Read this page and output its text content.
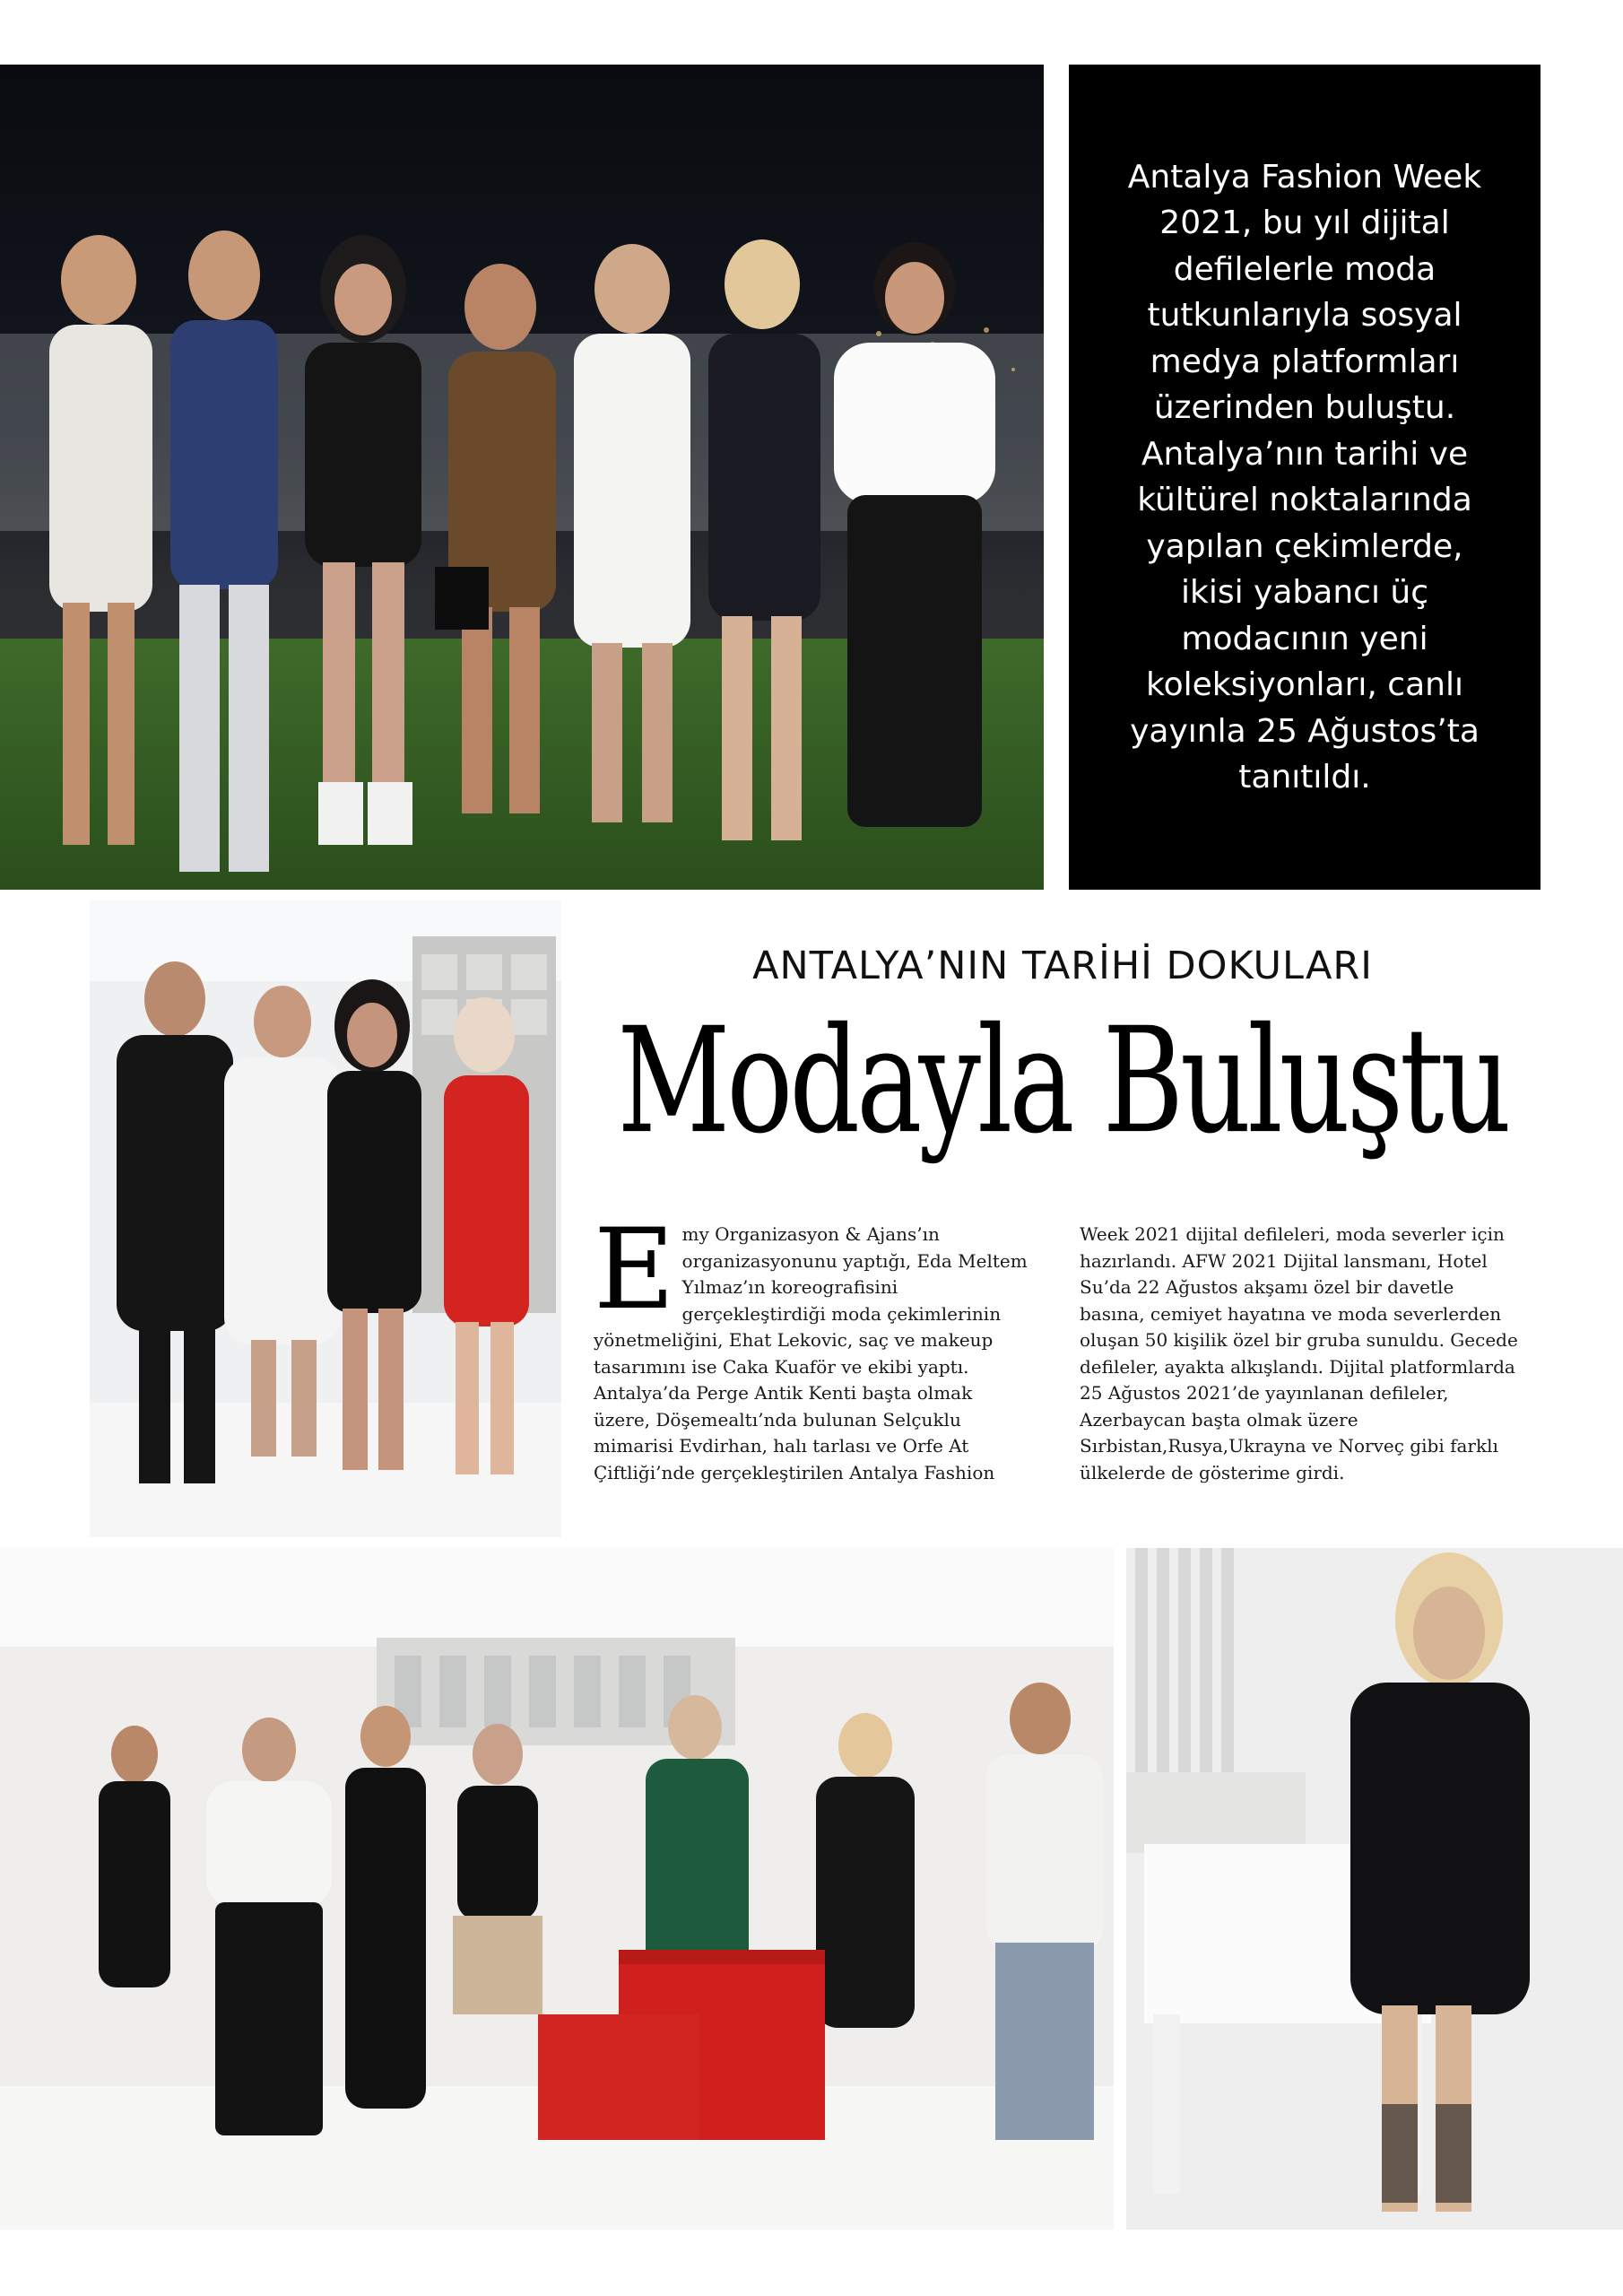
Antalya Fashion Week 2021, bu yıl dijital defilelerle moda tutkunlarıyla sosyal medya platformları üzerinden buluştu. Antalya’nın tarihi ve kültürel noktalarında yapılan çekimlerde, ikisi yabancı üç modacının yeni koleksiyonları, canlı yayınla 25 Ağustos’ta tanıtıldı.

ANTALYA’NIN TARİHİ DOKULARI
Modayla Buluştu
E my Organizasyon & Ajans’ın organizasyonunu yaptığı, Eda Meltem Yılmaz’ın koreografisini gerçekleştirdiği moda çekimlerinin yönetmeliğini, Ehat Lekovic, saç ve makeup tasarımını ise Caka Kuaför ve ekibi yaptı. Antalya’da Perge Antik Kenti başta olmak üzere, Döşemealtı’nda bulunan Selçuklu mimarisi Evdirhan, halı tarlası ve Orfe At Çiftliği’nde gerçekleştirilen Antalya Fashion

Week 2021 dijital defileleri, moda severler için hazırlandı. AFW 2021 Dijital lansmanı, Hotel Su’da 22 Ağustos akşamı özel bir davetle basına, cemiyet hayatına ve moda severlerden oluşan 50 kişilik özel bir gruba sunuldu. Gecede defileler, ayakta alkışlandı. Dijital platformlarda 25 Ağustos 2021’de yayınlanan defileler, Azerbaycan başta olmak üzere Sırbistan,Rusya,Ukrayna ve Norveç gibi farklı ülkelerde de gösterime girdi.
